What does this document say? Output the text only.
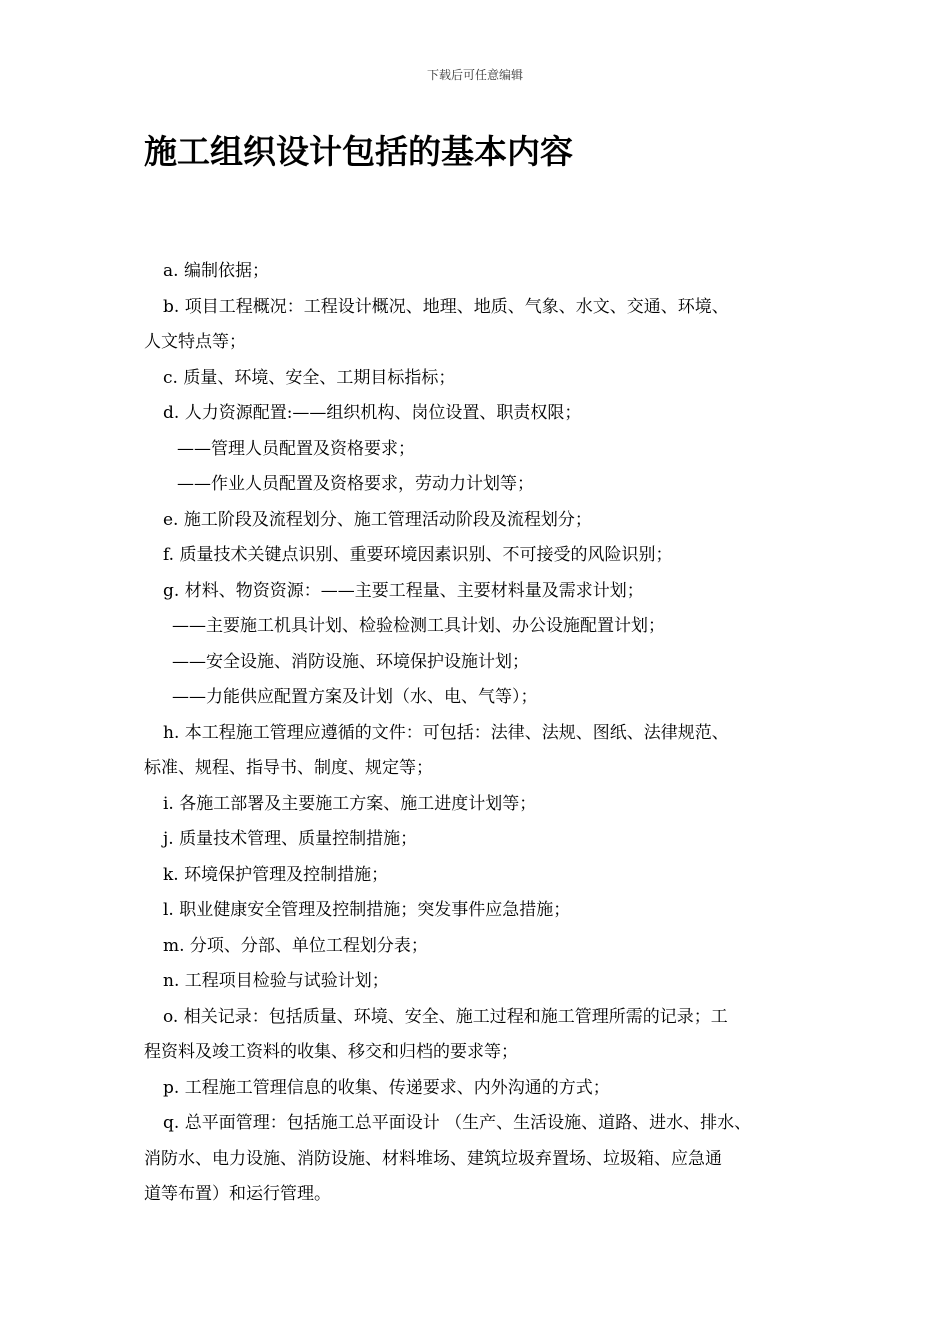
下载后可任意编辑
施工组织设计包括的基本内容
a. 编制依据；
b. 项目工程概况：工程设计概况、地理、地质、气象、水文、交通、环境、
人文特点等；
c. 质量、环境、安全、工期目标指标；
d. 人力资源配置:——组织机构、岗位设置、职责权限；
——管理人员配置及资格要求；
——作业人员配置及资格要求，劳动力计划等；
e. 施工阶段及流程划分、施工管理活动阶段及流程划分；
f. 质量技术关键点识别、重要环境因素识别、不可接受的风险识别；
g. 材料、物资资源：——主要工程量、主要材料量及需求计划；
——主要施工机具计划、检验检测工具计划、办公设施配置计划；
——安全设施、消防设施、环境保护设施计划；
——力能供应配置方案及计划（水、电、气等）；
h. 本工程施工管理应遵循的文件：可包括：法律、法规、图纸、法律规范、
标准、规程、指导书、制度、规定等；
i. 各施工部署及主要施工方案、施工进度计划等；
j. 质量技术管理、质量控制措施；
k. 环境保护管理及控制措施；
l. 职业健康安全管理及控制措施；突发事件应急措施；
m. 分项、分部、单位工程划分表；
n. 工程项目检验与试验计划；
o. 相关记录：包括质量、环境、安全、施工过程和施工管理所需的记录；工
程资料及竣工资料的收集、移交和归档的要求等；
p. 工程施工管理信息的收集、传递要求、内外沟通的方式；
q. 总平面管理：包括施工总平面设计 （生产、生活设施、道路、进水、排水、
消防水、电力设施、消防设施、材料堆场、建筑垃圾弃置场、垃圾箱、应急通
道等布置）和运行管理。
